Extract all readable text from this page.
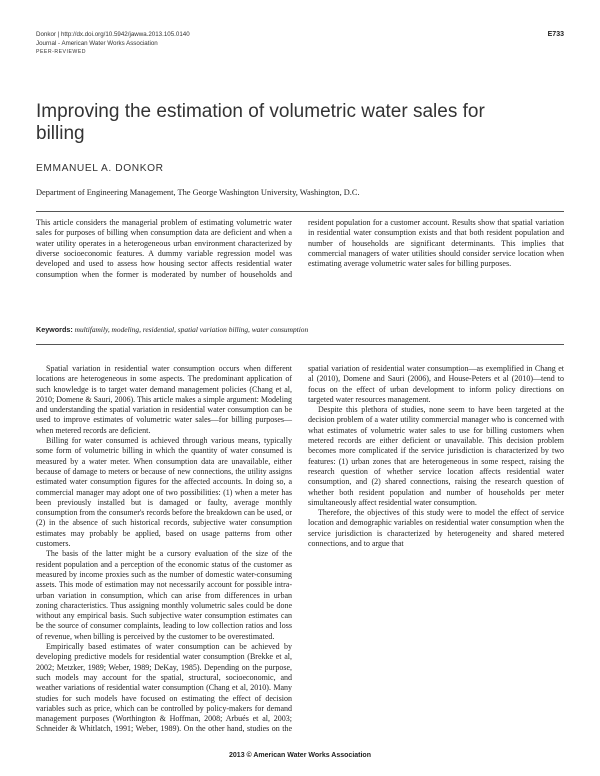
Donkor | http://dx.doi.org/10.5942/jawwa.2013.105.0140
Journal - American Water Works Association
PEER-REVIEWED
E733
Improving the estimation of volumetric water sales for billing
EMMANUEL A. DONKOR
Department of Engineering Management, The George Washington University, Washington, D.C.
This article considers the managerial problem of estimating volumetric water sales for purposes of billing when consumption data are deficient and when a water utility operates in a heterogeneous urban environment characterized by diverse socioeconomic features. A dummy variable regression model was developed and used to assess how housing sector affects residential water consumption when the former is moderated by number of households and resident population for a customer account. Results show that spatial variation in residential water consumption exists and that both resident population and number of households are significant determinants. This implies that commercial managers of water utilities should consider service location when estimating average volumetric water sales for billing purposes.
Keywords: multifamily, modeling, residential, spatial variation billing, water consumption

Spatial variation in residential water consumption occurs when different locations are heterogeneous in some aspects. The predominant application of such knowledge is to target water demand management policies (Chang et al, 2010; Domene & Sauri, 2006). This article makes a simple argument: Modeling and understanding the spatial variation in residential water consumption can be used to improve estimates of volumetric water sales—for billing purposes—when metered records are deficient.

Billing for water consumed is achieved through various means, typically some form of volumetric billing in which the quantity of water consumed is measured by a water meter. When consumption data are unavailable, either because of damage to meters or because of new connections, the utility assigns estimated water consumption figures for the affected accounts. In doing so, a commercial manager may adopt one of two possibilities: (1) when a meter has been previously installed but is damaged or faulty, average monthly consumption from the consumer's records before the breakdown can be used, or (2) in the absence of such historical records, subjective water consumption estimates may probably be applied, based on usage patterns from other customers.

The basis of the latter might be a cursory evaluation of the size of the resident population and a perception of the economic status of the customer as measured by income proxies such as the number of domestic water-consuming assets. This mode of estimation may not necessarily account for possible intra-urban variation in consumption, which can arise from differences in urban zoning characteristics. Thus assigning monthly volumetric sales could be done without any empirical basis. Such subjective water consumption estimates can be the source of consumer complaints, leading to low collection ratios and loss of revenue, when billing is perceived by the customer to be overestimated.

Empirically based estimates of water consumption can be achieved by developing predictive models for residential water consumption (Brekke et al, 2002; Metzker, 1989; Weber, 1989; DeKay, 1985). Depending on the purpose, such models may account for the spatial, structural, socioeconomic, and weather variations of residential water consumption (Chang et al, 2010). Many studies for such models have focused on estimating the effect of decision variables such as price, which can be controlled by policy-makers for demand management purposes (Worthington & Hoffman, 2008; Arbués et al, 2003; Schneider & Whitlatch, 1991; Weber, 1989). On the other hand, studies on the spatial variation of residential water consumption—as exemplified in Chang et al (2010), Domene and Sauri (2006), and House-Peters et al (2010)—tend to focus on the effect of urban development to inform policy directions on targeted water resources management.

Despite this plethora of studies, none seem to have been targeted at the decision problem of a water utility commercial manager who is concerned with what estimates of volumetric water sales to use for billing customers when metered records are either deficient or unavailable. This decision problem becomes more complicated if the service jurisdiction is characterized by two features: (1) urban zones that are heterogeneous in some respect, raising the research question of whether service location affects residential water consumption, and (2) shared connections, raising the research question of whether both resident population and number of households per meter simultaneously affect residential water consumption.

Therefore, the objectives of this study were to model the effect of service location and demographic variables on residential water consumption when the service jurisdiction is characterized by heterogeneity and shared metered connections, and to argue that

2013 © American Water Works Association
